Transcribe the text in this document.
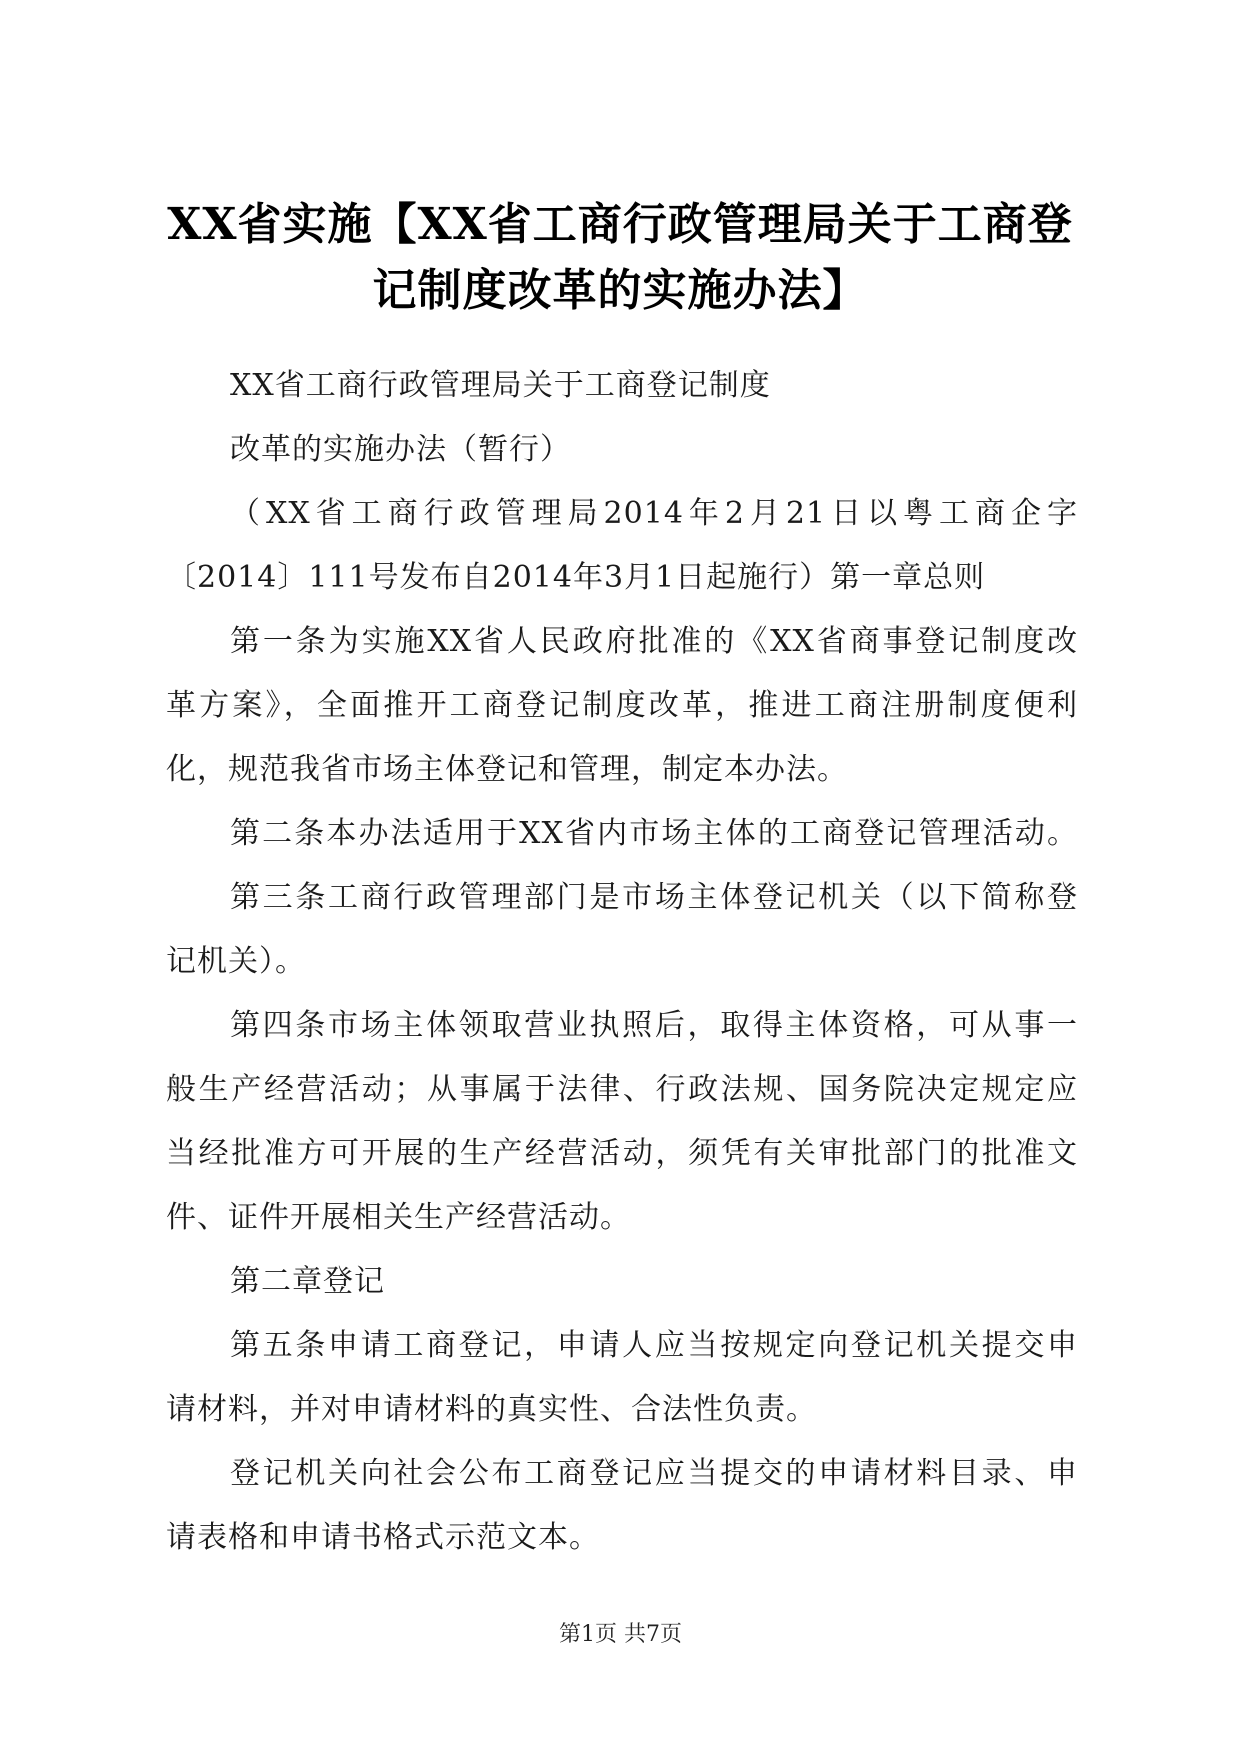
XX省实施【XX省工商行政管理局关于工商登
记制度改革的实施办法】
XX省工商行政管理局关于工商登记制度
改革的实施办法（暂行）
（XX省工商行政管理局2014年2月21日以粤工商企字
〔2014〕111号发布自2014年3月1日起施行）第一章总则
第一条为实施XX省人民政府批准的《XX省商事登记制度改
革方案》，全面推开工商登记制度改革，推进工商注册制度便利
化，规范我省市场主体登记和管理，制定本办法。
第二条本办法适用于XX省内市场主体的工商登记管理活动。
第三条工商行政管理部门是市场主体登记机关（以下简称登
记机关）。
第四条市场主体领取营业执照后，取得主体资格，可从事一
般生产经营活动；从事属于法律、行政法规、国务院决定规定应
当经批准方可开展的生产经营活动，须凭有关审批部门的批准文
件、证件开展相关生产经营活动。
第二章登记
第五条申请工商登记，申请人应当按规定向登记机关提交申
请材料，并对申请材料的真实性、合法性负责。
登记机关向社会公布工商登记应当提交的申请材料目录、申
请表格和申请书格式示范文本。
第1页 共7页
